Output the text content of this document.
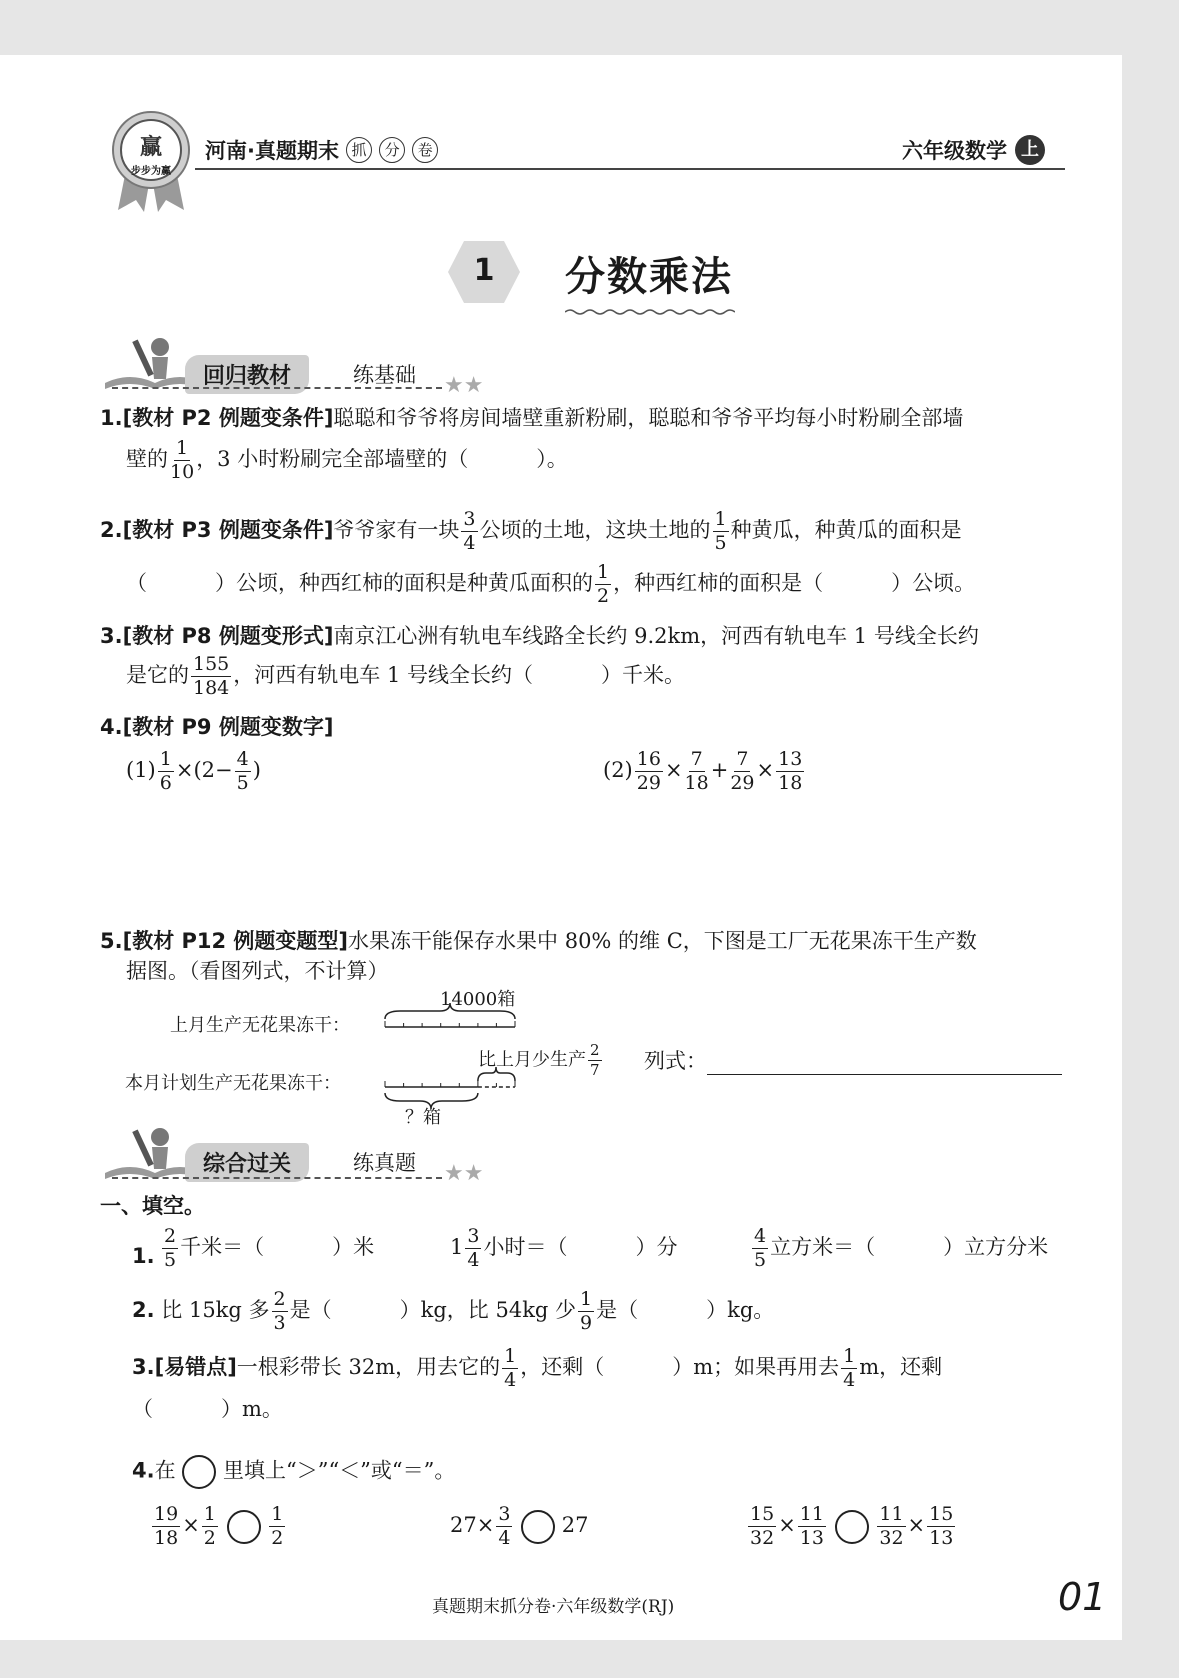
赢
步步为赢
河南·真题期末 抓 分 卷	六年级数学 上
1	分数乘法
回归教材	练基础 ★★
1.[教材 P2 例题变条件]聪聪和爷爷将房间墙壁重新粉刷，聪聪和爷爷平均每小时粉刷全部墙
壁的 $\frac{1}{10}$ ，3 小时粉刷完全部墙壁的（	）。
2.[教材 P3 例题变条件]爷爷家有一块 $\frac{3}{4}$ 公顷的土地，这块土地的 $\frac{1}{5}$ 种黄瓜，种黄瓜的面积是
（	）公顷，种西红柿的面积是种黄瓜面积的 $\frac{1}{2}$ ，种西红柿的面积是（	）公顷。
3.[教材 P8 例题变形式]南京江心洲有轨电车线路全长约 9.2km，河西有轨电车 1 号线全长约
是它的 $\frac{155}{184}$ ，河西有轨电车 1 号线全长约（	）千米。
4.[教材 P9 例题变数字]
$(1) \frac{1}{6} \times(2- \frac{4}{5}$ )	$(2) \frac{16}{29} \times \frac{7}{18} + \frac{7}{29} \times \frac{13}{18}$
5.[教材 P12 例题变题型]水果冻干能保存水果中 80% 的维 C，下图是工厂无花果冻干生产数
据图。（看图列式，不计算）
14000箱
上月生产无花果冻干：
本月计划生产无花果冻干：
比上月少生产 $\frac{2}{7}$
？箱
列式：
综合过关	练真题 ★★
一、填空。
1. $\frac{2}{5}$ 千米＝（	）米	$1 \frac{3}{4}$ 小时＝（	）分	$\frac{4}{5}$ 立方米＝（	）立方分米
2. 比 15kg 多 $\frac{2}{3}$ 是（	）kg，比 54kg 少 $\frac{1}{9}$ 是（	）kg。
3.[易错点]一根彩带长 32m，用去它的 $\frac{1}{4}$ ，还剩（	）m；如果再用去 $\frac{1}{4}$ m，还剩
（	）m。
4.在 里填上“＞”“＜”或“＝”。
$\frac{19}{18} \times \frac{1}{2}$
	$\frac{1}{2}$	$27\times \frac{3}{4} 27$	$\frac{15}{32} \times \frac{11}{13}$
	$\frac{11}{32} \times \frac{15}{13}$
真题期末抓分卷·六年级数学(RJ)	01
